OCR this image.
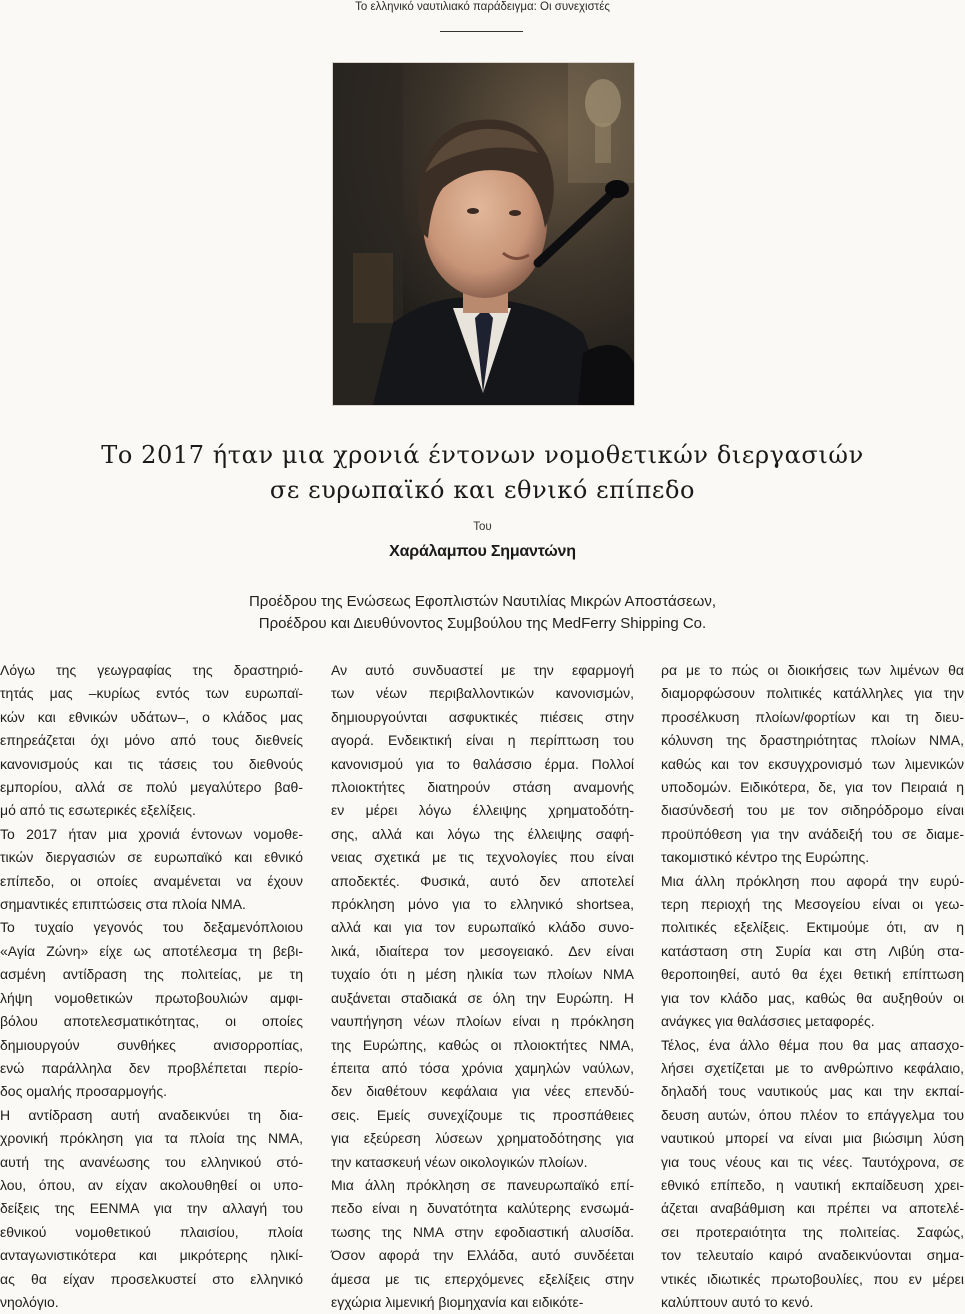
Το ελληνικό ναυτιλιακό παράδειγμα: Οι συνεχιστές
Το 2017 ήταν μια χρονιά έντονων νομοθετικών διεργασιών
σε ευρωπαϊκό και εθνικό επίπεδο
Του
Χαράλαμπου Σημαντώνη
Προέδρου της Ενώσεως Εφοπλιστών Ναυτιλίας Μικρών Αποστάσεων,
Προέδρου και Διευθύνοντος Συμβούλου της MedFerry Shipping Co.

Λόγω της γεωγραφίας της δραστηριό-

τητάς μας –κυρίως εντός των ευρωπαϊ-

κών και εθνικών υδάτων–, ο κλάδος μας

επηρεάζεται όχι μόνο από τους διεθνείς

κανονισμούς και τις τάσεις του διεθνούς

εμπορίου, αλλά σε πολύ μεγαλύτερο βαθ-

μό από τις εσωτερικές εξελίξεις.

Το 2017 ήταν μια χρονιά έντονων νομοθε-

τικών διεργασιών σε ευρωπαϊκό και εθνικό

επίπεδο, οι οποίες αναμένεται να έχουν

σημαντικές επιπτώσεις στα πλοία ΝΜΑ.

Το τυχαίο γεγονός του δεξαμενόπλοιου

«Αγία Ζώνη» είχε ως αποτέλεσμα τη βεβι-

ασμένη αντίδραση της πολιτείας, με τη

λήψη νομοθετικών πρωτοβουλιών αμφι-

βόλου αποτελεσματικότητας, οι οποίες

δημιουργούν συνθήκες ανισορροπίας,

ενώ παράλληλα δεν προβλέπεται περίο-

δος ομαλής προσαρμογής.

Η αντίδραση αυτή αναδεικνύει τη δια-

χρονική πρόκληση για τα πλοία της ΝΜΑ,

αυτή της ανανέωσης του ελληνικού στό-

λου, όπου, αν είχαν ακολουθηθεί οι υπο-

δείξεις της ΕΕΝΜΑ για την αλλαγή του

εθνικού νομοθετικού πλαισίου, πλοία

ανταγωνιστικότερα και μικρότερης ηλικί-

ας θα είχαν προσελκυστεί στο ελληνικό

νηολόγιο.

Αν αυτό συνδυαστεί με την εφαρμογή

των νέων περιβαλλοντικών κανονισμών,

δημιουργούνται ασφυκτικές πιέσεις στην

αγορά. Ενδεικτική είναι η περίπτωση του

κανονισμού για το θαλάσσιο έρμα. Πολλοί

πλοιοκτήτες διατηρούν στάση αναμονής

εν μέρει λόγω έλλειψης χρηματοδότη-

σης, αλλά και λόγω της έλλειψης σαφή-

νειας σχετικά με τις τεχνολογίες που είναι

αποδεκτές. Φυσικά, αυτό δεν αποτελεί

πρόκληση μόνο για το ελληνικό shortsea,

αλλά και για τον ευρωπαϊκό κλάδο συνο-

λικά, ιδιαίτερα τον μεσογειακό. Δεν είναι

τυχαίο ότι η μέση ηλικία των πλοίων ΝΜΑ

αυξάνεται σταδιακά σε όλη την Ευρώπη. Η

ναυπήγηση νέων πλοίων είναι η πρόκληση

της Ευρώπης, καθώς οι πλοιοκτήτες ΝΜΑ,

έπειτα από τόσα χρόνια χαμηλών ναύλων,

δεν διαθέτουν κεφάλαια για νέες επενδύ-

σεις. Εμείς συνεχίζουμε τις προσπάθειες

για εξεύρεση λύσεων χρηματοδότησης για

την κατασκευή νέων οικολογικών πλοίων.

Μια άλλη πρόκληση σε πανευρωπαϊκό επί-

πεδο είναι η δυνατότητα καλύτερης ενσωμά-

τωσης της ΝΜΑ στην εφοδιαστική αλυσίδα.

Όσον αφορά την Ελλάδα, αυτό συνδέεται

άμεσα με τις επερχόμενες εξελίξεις στην

εγχώρια λιμενική βιομηχανία και ειδικότε-

ρα με το πώς οι διοικήσεις των λιμένων θα

διαμορφώσουν πολιτικές κατάλληλες για την

προσέλκυση πλοίων/φορτίων και τη διευ-

κόλυνση της δραστηριότητας πλοίων ΝΜΑ,

καθώς και τον εκσυγχρονισμό των λιμενικών

υποδομών. Ειδικότερα, δε, για τον Πειραιά η

διασύνδεσή του με τον σιδηρόδρομο είναι

προϋπόθεση για την ανάδειξή του σε διαμε-

τακομιστικό κέντρο της Ευρώπης.

Μια άλλη πρόκληση που αφορά την ευρύ-

τερη περιοχή της Μεσογείου είναι οι γεω-

πολιτικές εξελίξεις. Εκτιμούμε ότι, αν η

κατάσταση στη Συρία και στη Λιβύη στα-

θεροποιηθεί, αυτό θα έχει θετική επίπτωση

για τον κλάδο μας, καθώς θα αυξηθούν οι

ανάγκες για θαλάσσιες μεταφορές.

Τέλος, ένα άλλο θέμα που θα μας απασχο-

λήσει σχετίζεται με το ανθρώπινο κεφάλαιο,

δηλαδή τους ναυτικούς μας και την εκπαί-

δευση αυτών, όπου πλέον το επάγγελμα του

ναυτικού μπορεί να είναι μια βιώσιμη λύση

για τους νέους και τις νέες. Ταυτόχρονα, σε

εθνικό επίπεδο, η ναυτική εκπαίδευση χρει-

άζεται αναβάθμιση και πρέπει να αποτελέ-

σει προτεραιότητα της πολιτείας. Σαφώς,

τον τελευταίο καιρό αναδεικνύονται σημα-

ντικές ιδιωτικές πρωτοβουλίες, που εν μέρει

καλύπτουν αυτό το κενό.
